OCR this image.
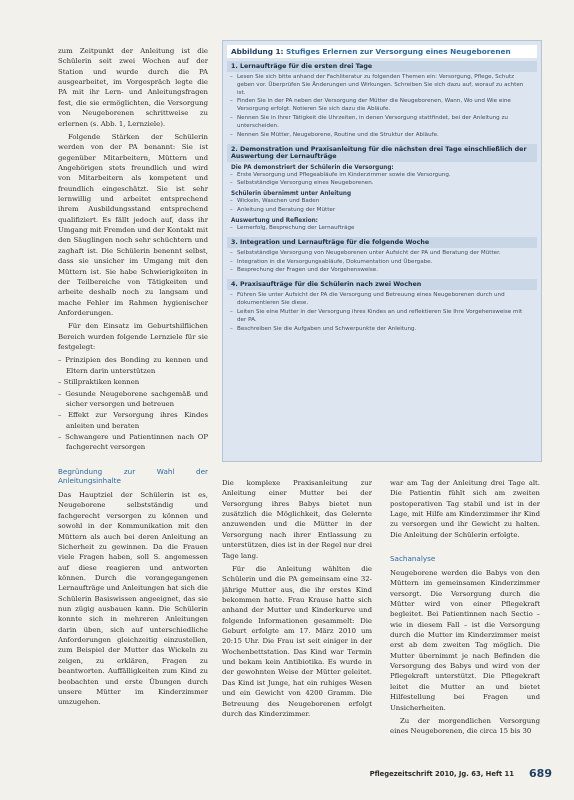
zum Zeitpunkt der Anleitung ist die Schülerin seit zwei Wochen auf der Station und wurde durch die PA ausgearbeitet, im Vorgespräch legte die PA mit ihr Lern- und Anleitungsfragen fest, die sie ermöglichten, die Versorgung von Neugeborenen schrittweise zu erlernen (s. Abb. 1, Lernziele).

Folgende Stärken der Schülerin werden von der PA benannt: Sie ist gegenüber Mitarbeitern, Müttern und Angehörigen stets freundlich und wird von Mitarbeitern als kompetent und freundlich eingeschätzt. Sie ist sehr lernwillig und arbeitet entsprechend ihrem Ausbildungsstand entsprechend qualifiziert. Es fällt jedoch auf, dass ihr Umgang mit Fremden und der Kontakt mit den Säuglingen noch sehr schüchtern und zaghaft ist. Die Schülerin benennt selbst, dass sie unsicher im Umgang mit den Müttern ist. Sie habe Schwierigkeiten in der Teilbereiche von Tätigkeiten und arbeite deshalb noch zu langsam und mache Fehler im Rahmen hygienischer Anforderungen.

Für den Einsatz im Geburtshilflichen Bereich wurden folgende Lernziele für sie festgelegt:

– Prinzipien des Bonding zu kennen und Eltern darin unterstützen
– Stillpraktiken kennen
– Gesunde Neugeborene sachgemäß und sicher versorgen und betreuen
– Effekt zur Versorgung ihres Kindes anleiten und beraten
– Schwangere und Patientinnen nach OP fachgerecht versorgen
Begründung zur Wahl der Anleitungsinhalte

Das Hauptziel der Schülerin ist es, Neugeborene selbstständig und fachgerecht versorgen zu können und sowohl in der Kommunikation mit den Müttern als auch bei deren Anleitung an Sicherheit zu gewinnen. Da die Frauen viele Fragen haben, soll S. angemessen auf diese reagieren und antworten können. Durch die vorangegangenen Lernaufträge und Anleitungen hat sich die Schülerin Basiswissen angeeignet, das sie nun zügig ausbauen kann. Die Schülerin konnte sich in mehreren Anleitungen darin üben, sich auf unterschiedliche Anforderungen gleichzeitig einzustellen, zum Beispiel der Mutter das Wickeln zu zeigen, zu erklären, Fragen zu beantworten. Auffälligkeiten zum Kind zu beobachten und erste Übungen durch unsere Mütter im Kinderzimmer umzugehen.

Abbildung 1: Stufiges Erlernen zur Versorgung eines Neugeborenen
1. Lernaufträge für die ersten drei Tage
– Lesen Sie sich bitte anhand der Fachliteratur zu folgenden Themen ein: Versorgung, Pflege, Schutz geben vor. Überprüfen Sie Änderungen und Wirkungen. Schreiben Sie sich dazu auf, worauf zu achten ist.
– Finden Sie in der PA neben der Versorgung der Mütter die Neugeborenen, Wann, Wo und Wie eine Versorgung erfolgt. Notieren Sie sich dazu die Abläufe.
– Nennen Sie in Ihrer Tätigkeit die Uhrzeiten, in denen Versorgung stattfindet, bei der Anleitung zu unterscheiden.
– Nennen Sie Mütter, Neugeborene, Routine und die Struktur der Abläufe.
2. Demonstration und Praxisanleitung für die nächsten drei Tage einschließlich der Auswertung der Lernaufträge
Die PA demonstriert der Schülerin die Versorgung:
– Erste Versorgung und Pflegeabläufe im Kinderzimmer sowie die Versorgung.
– Selbstständige Versorgung eines Neugeborenen.
Schülerin übernimmt unter Anleitung
– Wickeln, Waschen und Baden
– Anleitung und Beratung der Mütter
Auswertung und Reflexion:
– Lernerfolg, Besprechung der Lernaufträge
3. Integration und Lernaufträge für die folgende Woche
– Selbstständige Versorgung von Neugeborenen unter Aufsicht der PA und Beratung der Mütter.
– Integration in die Versorgungsabläufe, Dokumentation und Übergabe.
– Besprechung der Fragen und der Vorgehensweise.
4. Praxisaufträge für die Schülerin nach zwei Wochen
– Führen Sie unter Aufsicht der PA die Versorgung und Betreuung eines Neugeborenen durch und dokumentieren Sie diese.
– Leiten Sie eine Mutter in der Versorgung ihres Kindes an und reflektieren Sie Ihre Vorgehensweise mit der PA.
– Beschreiben Sie die Aufgaben und Schwerpunkte der Anleitung.

Die komplexe Praxisanleitung zur Anleitung einer Mutter bei der Versorgung ihres Babys bietet nun zusätzlich die Möglichkeit, das Gelernte anzuwenden und die Mütter in der Versorgung nach ihrer Entlassung zu unterstützen, dies ist in der Regel nur drei Tage lang.

Für die Anleitung wählten die Schülerin und die PA gemeinsam eine 32-jährige Mutter aus, die ihr erstes Kind bekommen hatte. Frau Krause hatte sich anhand der Mutter und Kinderkurve und folgende Informationen gesammelt: Die Geburt erfolgte am 17. März 2010 um 20:15 Uhr. Die Frau ist seit einiger in der Wochenbettstation. Das Kind war Termin und bekam kein Antibiotika. Es wurde in der gewohnten Weise der Mütter geleitet. Das Kind ist Junge, hat ein ruhiges Wesen und ein Gewicht von 4200 Gramm. Die Betreuung des Neugeborenen erfolgt durch das Kinderzimmer.

war am Tag der Anleitung drei Tage alt. Die Patientin fühlt sich am zweiten postoperativen Tag stabil und ist in der Lage, mit Hilfe am Kinderzimmer ihr Kind zu versorgen und ihr Gewicht zu halten. Die Anleitung der Schülerin erfolgte.

Sachanalyse

Neugeborene werden die Babys von den Müttern im gemeinsamen Kinderzimmer versorgt. Die Versorgung durch die Mütter wird von einer Pflegekraft begleitet. Bei Patientinnen nach Sectio – wie in diesem Fall – ist die Versorgung durch die Mutter im Kinderzimmer meist erst ab dem zweiten Tag möglich. Die Mutter übernimmt je nach Befinden die Versorgung des Babys und wird von der Pflegekraft unterstützt. Die Pflegekraft leitet die Mutter an und bietet Hilfestellung bei Fragen und Unsicherheiten.

Zu der morgendlichen Versorgung eines Neugeborenen, die circa 15 bis 30

Pflegezeitschrift 2010, Jg. 63, Heft 11 689
